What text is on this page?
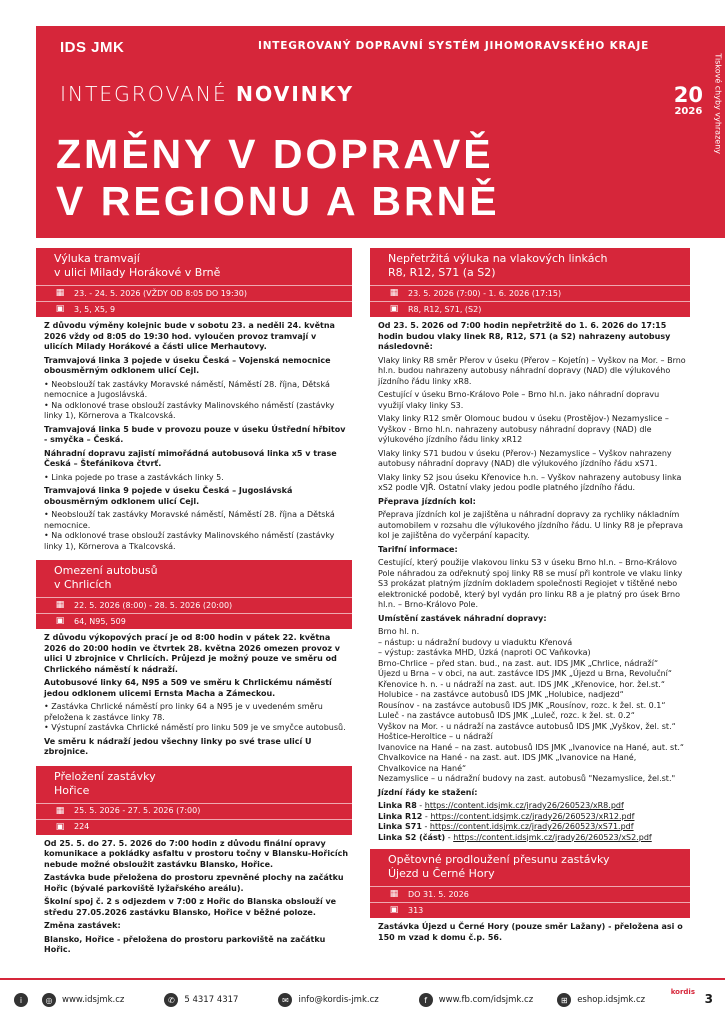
IDS JMK	INTEGROVANÝ DOPRAVNÍ SYSTÉM JIHOMORAVSKÉHO KRAJE
INTEGROVANÉ NOVINKY	20
2026
ZMĚNY V DOPRAVĚ
V REGIONU A BRNĚ
Tiskové chyby vyhrazeny
Výluka tramvají
v ulici Milady Horákové v Brně
▦ 23. - 24. 5. 2026 (VŽDY OD 8:05 DO 19:30)
▣ 3, 5, X5, 9

Z důvodu výměny kolejnic bude v sobotu 23. a neděli 24. května 2026 vždy od 8:05 do 19:30 hod. vyloučen provoz tramvají v ulicích Milady Horákové a části ulice Merhautovy.

Tramvajová linka 3 pojede v úseku Česká – Vojenská nemocnice obousměrným odklonem ulicí Cejl.

• Neobslouží tak zastávky Moravské náměstí, Náměstí 28. října, Dětská nemocnice a Jugoslávská.
• Na odklonové trase obslouží zastávky Malinovského náměstí (zastávky linky 1), Körnerova a Tkalcovská.

Tramvajová linka 5 bude v provozu pouze v úseku Ústřední hřbitov - smyčka – Česká.

Náhradní dopravu zajistí mimořádná autobusová linka x5 v trase Česká – Štefánikova čtvrť.

• Linka pojede po trase a zastávkách linky 5.

Tramvajová linka 9 pojede v úseku Česká – Jugoslávská obousměrným odklonem ulicí Cejl.

• Neobslouží tak zastávky Moravské náměstí, Náměstí 28. října a Dětská nemocnice.
• Na odklonové trase obslouží zastávky Malinovského náměstí (zastávky linky 1), Körnerova a Tkalcovská.
Omezení autobusů
v Chrlicích
▦ 22. 5. 2026 (8:00) - 28. 5. 2026 (20:00)
▣ 64, N95, 509

Z důvodu výkopových prací je od 8:00 hodin v pátek 22. května 2026 do 20:00 hodin ve čtvrtek 28. května 2026 omezen provoz v ulici U zbrojnice v Chrlicích. Průjezd je možný pouze ve směru od Chrlického náměstí k nádraží.

Autobusové linky 64, N95 a 509 ve směru k Chrlickému náměstí jedou odklonem ulicemi Ernsta Macha a Zámeckou.

• Zastávka Chrlické náměstí pro linky 64 a N95 je v uvedeném směru přeložena k zastávce linky 78.
• Výstupní zastávka Chrlické náměstí pro linku 509 je ve smyčce autobusů.

Ve směru k nádraží jedou všechny linky po své trase ulicí U zbrojnice.

Přeložení zastávky
Hořice
▦ 25. 5. 2026 - 27. 5. 2026 (7:00)
▣ 224

Od 25. 5. do 27. 5. 2026 do 7:00 hodin z důvodu finální opravy komunikace a pokládky asfaltu v prostoru točny v Blansku-Hořicích nebude možné obsloužit zastávku Blansko, Hořice.

Zastávka bude přeložena do prostoru zpevněné plochy na začátku Hořic (bývalé parkoviště lyžařského areálu).

Školní spoj č. 2 s odjezdem v 7:00 z Hořic do Blanska obslouží ve středu 27.05.2026 zastávku Blansko, Hořice v běžné poloze.

Změna zastávek:

Blansko, Hořice - přeložena do prostoru parkoviště na začátku Hořic.

Nepřetržitá výluka na vlakových linkách
R8, R12, S71 (a S2)
▦ 23. 5. 2026 (7:00) - 1. 6. 2026 (17:15)
▣ R8, R12, S71, (S2)

Od 23. 5. 2026 od 7:00 hodin nepřetržitě do 1. 6. 2026 do 17:15 hodin budou vlaky linek R8, R12, S71 (a S2) nahrazeny autobusy následovně:

Vlaky linky R8 směr Přerov v úseku (Přerov – Kojetín) – Vyškov na Mor. – Brno hl.n. budou nahrazeny autobusy náhradní dopravy (NAD) dle výlukového jízdního řádu linky xR8.

Cestující v úseku Brno-Královo Pole – Brno hl.n. jako náhradní dopravu využijí vlaky linky S3.

Vlaky linky R12 směr Olomouc budou v úseku (Prostějov-) Nezamyslice – Vyškov - Brno hl.n. nahrazeny autobusy náhradní dopravy (NAD) dle výlukového jízdního řádu linky xR12

Vlaky linky S71 budou v úseku (Přerov-) Nezamyslice – Vyškov nahrazeny autobusy náhradní dopravy (NAD) dle výlukového jízdního řádu xS71.

Vlaky linky S2 jsou úseku Křenovice h.n. – Vyškov nahrazeny autobusy linka xS2 podle VJŘ. Ostatní vlaky jedou podle platného jízdního řádu.

Přeprava jízdních kol:

Přeprava jízdních kol je zajištěna u náhradní dopravy za rychliky nákladním automobilem v rozsahu dle výlukového jízdního řádu. U linky R8 je přeprava kol je zajištěna do vyčerpání kapacity.

Tarifní informace:

Cestující, který použije vlakovou linku S3 v úseku Brno hl.n. – Brno-Královo Pole náhradou za odřeknutý spoj linky R8 se musí při kontrole ve vlaku linky S3 prokázat platným jízdním dokladem společnosti Regiojet v tištěné nebo elektronické podobě, který byl vydán pro linku R8 a je platný pro úsek Brno hl.n. – Brno-Královo Pole.

Umístění zastávek náhradní dopravy:

Brno hl. n.
– nástup: u nádražní budovy u viaduktu Křenová
– výstup: zastávka MHD, Úzká (naproti OC Vaňkovka)
Brno-Chrlice – před stan. bud., na zast. aut. IDS JMK „Chrlice, nádraží“
Újezd u Brna – v obci, na aut. zastávce IDS JMK „Újezd u Brna, Revoluční“
Křenovice h. n. - u nádraží na zast. aut. IDS JMK „Křenovice, hor. žel.st.“
Holubice - na zastávce autobusů IDS JMK „Holubice, nadjezd“
Rousínov - na zastávce autobusů IDS JMK „Rousínov, rozc. k žel. st. 0.1“
Luleč - na zastávce autobusů IDS JMK „Luleč, rozc. k žel. st. 0.2“
Vyškov na Mor. - u nádraží na zastávce autobusů IDS JMK „Vyškov, žel. st.“
Hoštice-Heroltice – u nádraží
Ivanovice na Hané – na zast. autobusů IDS JMK „Ivanovice na Hané, aut. st.“
Chvalkovice na Hané - na zast. aut. IDS JMK „Ivanovice na Hané, Chvalkovice na Hané“
Nezamyslice – u nádražní budovy na zast. autobusů "Nezamyslice, žel.st."

Jízdní řády ke stažení:

Linka R8 - https://content.idsjmk.cz/jrady26/260523/xR8.pdf
Linka R12 - https://content.idsjmk.cz/jrady26/260523/xR12.pdf
Linka S71 - https://content.idsjmk.cz/jrady26/260523/xS71.pdf
Linka S2 (část) - https://content.idsjmk.cz/jrady26/260523/xS2.pdf
Opětovné prodloužení přesunu zastávky
Újezd u Černé Hory
▦ DO 31. 5. 2026
▣ 313

Zastávka Újezd u Černé Hory (pouze směr Lažany) - přeložena asi o 150 m vzad k domu č.p. 56.

i	◎	www.idsjmk.cz	✆	5 4317 4317	✉	info@kordis-jmk.cz	f	www.fb.com/idsjmk.cz	⊞	eshop.idsjmk.cz
kordis 3
